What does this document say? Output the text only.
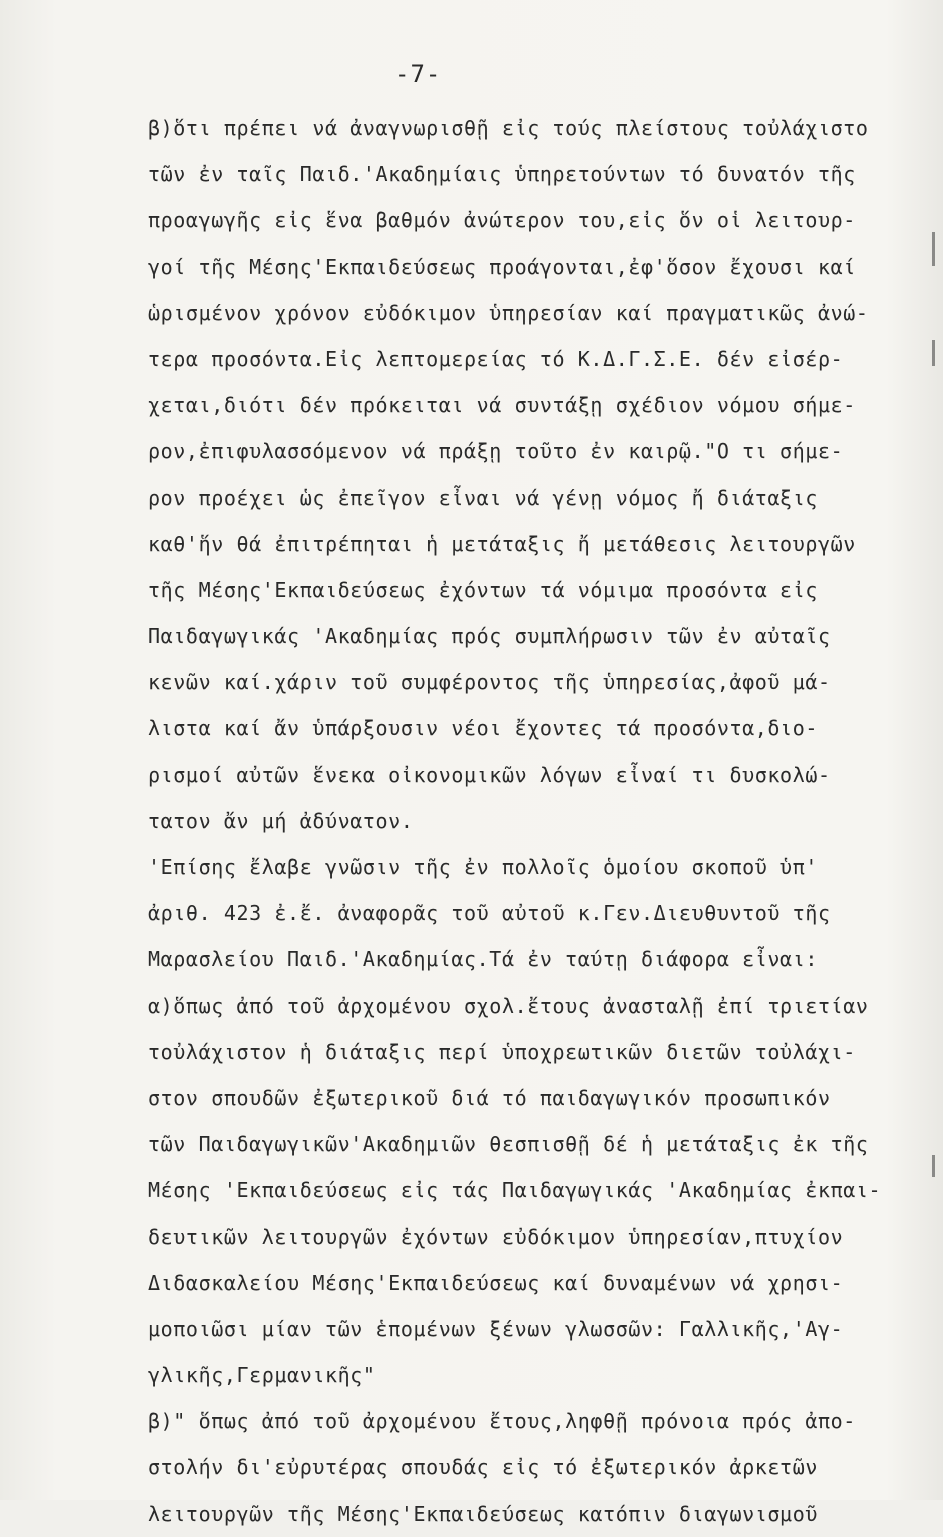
-7-
β)ὅτι πρέπει νά ἀναγνωρισθῇ εἰς τούς πλείστους τοὐλάχιστο
τῶν ἐν ταῖς Παιδ.'Ακαδημίαις ὑπηρετούντων τό δυνατόν τῆς
προαγωγῆς εἰς ἕνα βαθμόν ἀνώτερον του,εἰς ὅν οἱ λειτουρ-
γοί τῆς Μέσης'Εκπαιδεύσεως προάγονται,ἐφ'ὅσον ἔχουσι καί
ὡρισμένον χρόνον εὐδόκιμον ὑπηρεσίαν καί πραγματικῶς ἀνώ-
τερα προσόντα.Εἰς λεπτομερείας τό Κ.Δ.Γ.Σ.Ε. δέν εἰσέρ-
χεται,διότι δέν πρόκειται νά συντάξῃ σχέδιον νόμου σήμε-
ρον,ἐπιφυλασσόμενον νά πράξῃ τοῦτο ἐν καιρῷ."Ο τι σήμε-
ρον προέχει ὡς ἐπεῖγον εἶναι νά γένῃ νόμος ἤ διάταξις
καθ'ἥν θά ἐπιτρέπηται ἡ μετάταξις ἤ μετάθεσις λειτουργῶν
τῆς Μέσης'Εκπαιδεύσεως ἐχόντων τά νόμιμα προσόντα εἰς
Παιδαγωγικάς 'Ακαδημίας πρός συμπλήρωσιν τῶν ἐν αὐταῖς
κενῶν καί.χάριν τοῦ συμφέροντος τῆς ὑπηρεσίας,ἀφοῦ μά-
λιστα καί ἄν ὑπάρξουσιν νέοι ἔχοντες τά προσόντα,διο-
ρισμοί αὐτῶν ἕνεκα οἰκονομικῶν λόγων εἶναί τι δυσκολώ-
τατον ἄν μή ἀδύνατον.
'Επίσης ἔλαβε γνῶσιν τῆς ἐν πολλοῖς ὁμοίου σκοποῦ ὑπ'
ἀριθ. 423 ἐ.ἔ. ἀναφορᾶς τοῦ αὐτοῦ κ.Γεν.Διευθυντοῦ τῆς
Μαρασλείου Παιδ.'Ακαδημίας.Τά ἐν ταύτῃ διάφορα εἶναι:
α)ὅπως ἀπό τοῦ ἀρχομένου σχολ.ἔτους ἀνασταλῇ ἐπί τριετίαν
τοὐλάχιστον ἡ διάταξις περί ὑποχρεωτικῶν διετῶν τοὐλάχι-
στον σπουδῶν ἐξωτερικοῦ διά τό παιδαγωγικόν προσωπικόν
τῶν Παιδαγωγικῶν'Ακαδημιῶν θεσπισθῇ δέ ἡ μετάταξις ἐκ τῆς
Μέσης 'Εκπαιδεύσεως εἰς τάς Παιδαγωγικάς 'Ακαδημίας ἐκπαι-
δευτικῶν λειτουργῶν ἐχόντων εὐδόκιμον ὑπηρεσίαν,πτυχίον
Διδασκαλείου Μέσης'Εκπαιδεύσεως καί δυναμένων νά χρησι-
μοποιῶσι μίαν τῶν ἑπομένων ξένων γλωσσῶν: Γαλλικῆς,'Αγ-
γλικῆς,Γερμανικῆς"
β)" ὅπως ἀπό τοῦ ἀρχομένου ἔτους,ληφθῇ πρόνοια πρός ἀπο-
στολήν δι'εὐρυτέρας σπουδάς εἰς τό ἐξωτερικόν ἀρκετῶν
λειτουργῶν τῆς Μέσης'Εκπαιδεύσεως κατόπιν διαγωνισμοῦ
